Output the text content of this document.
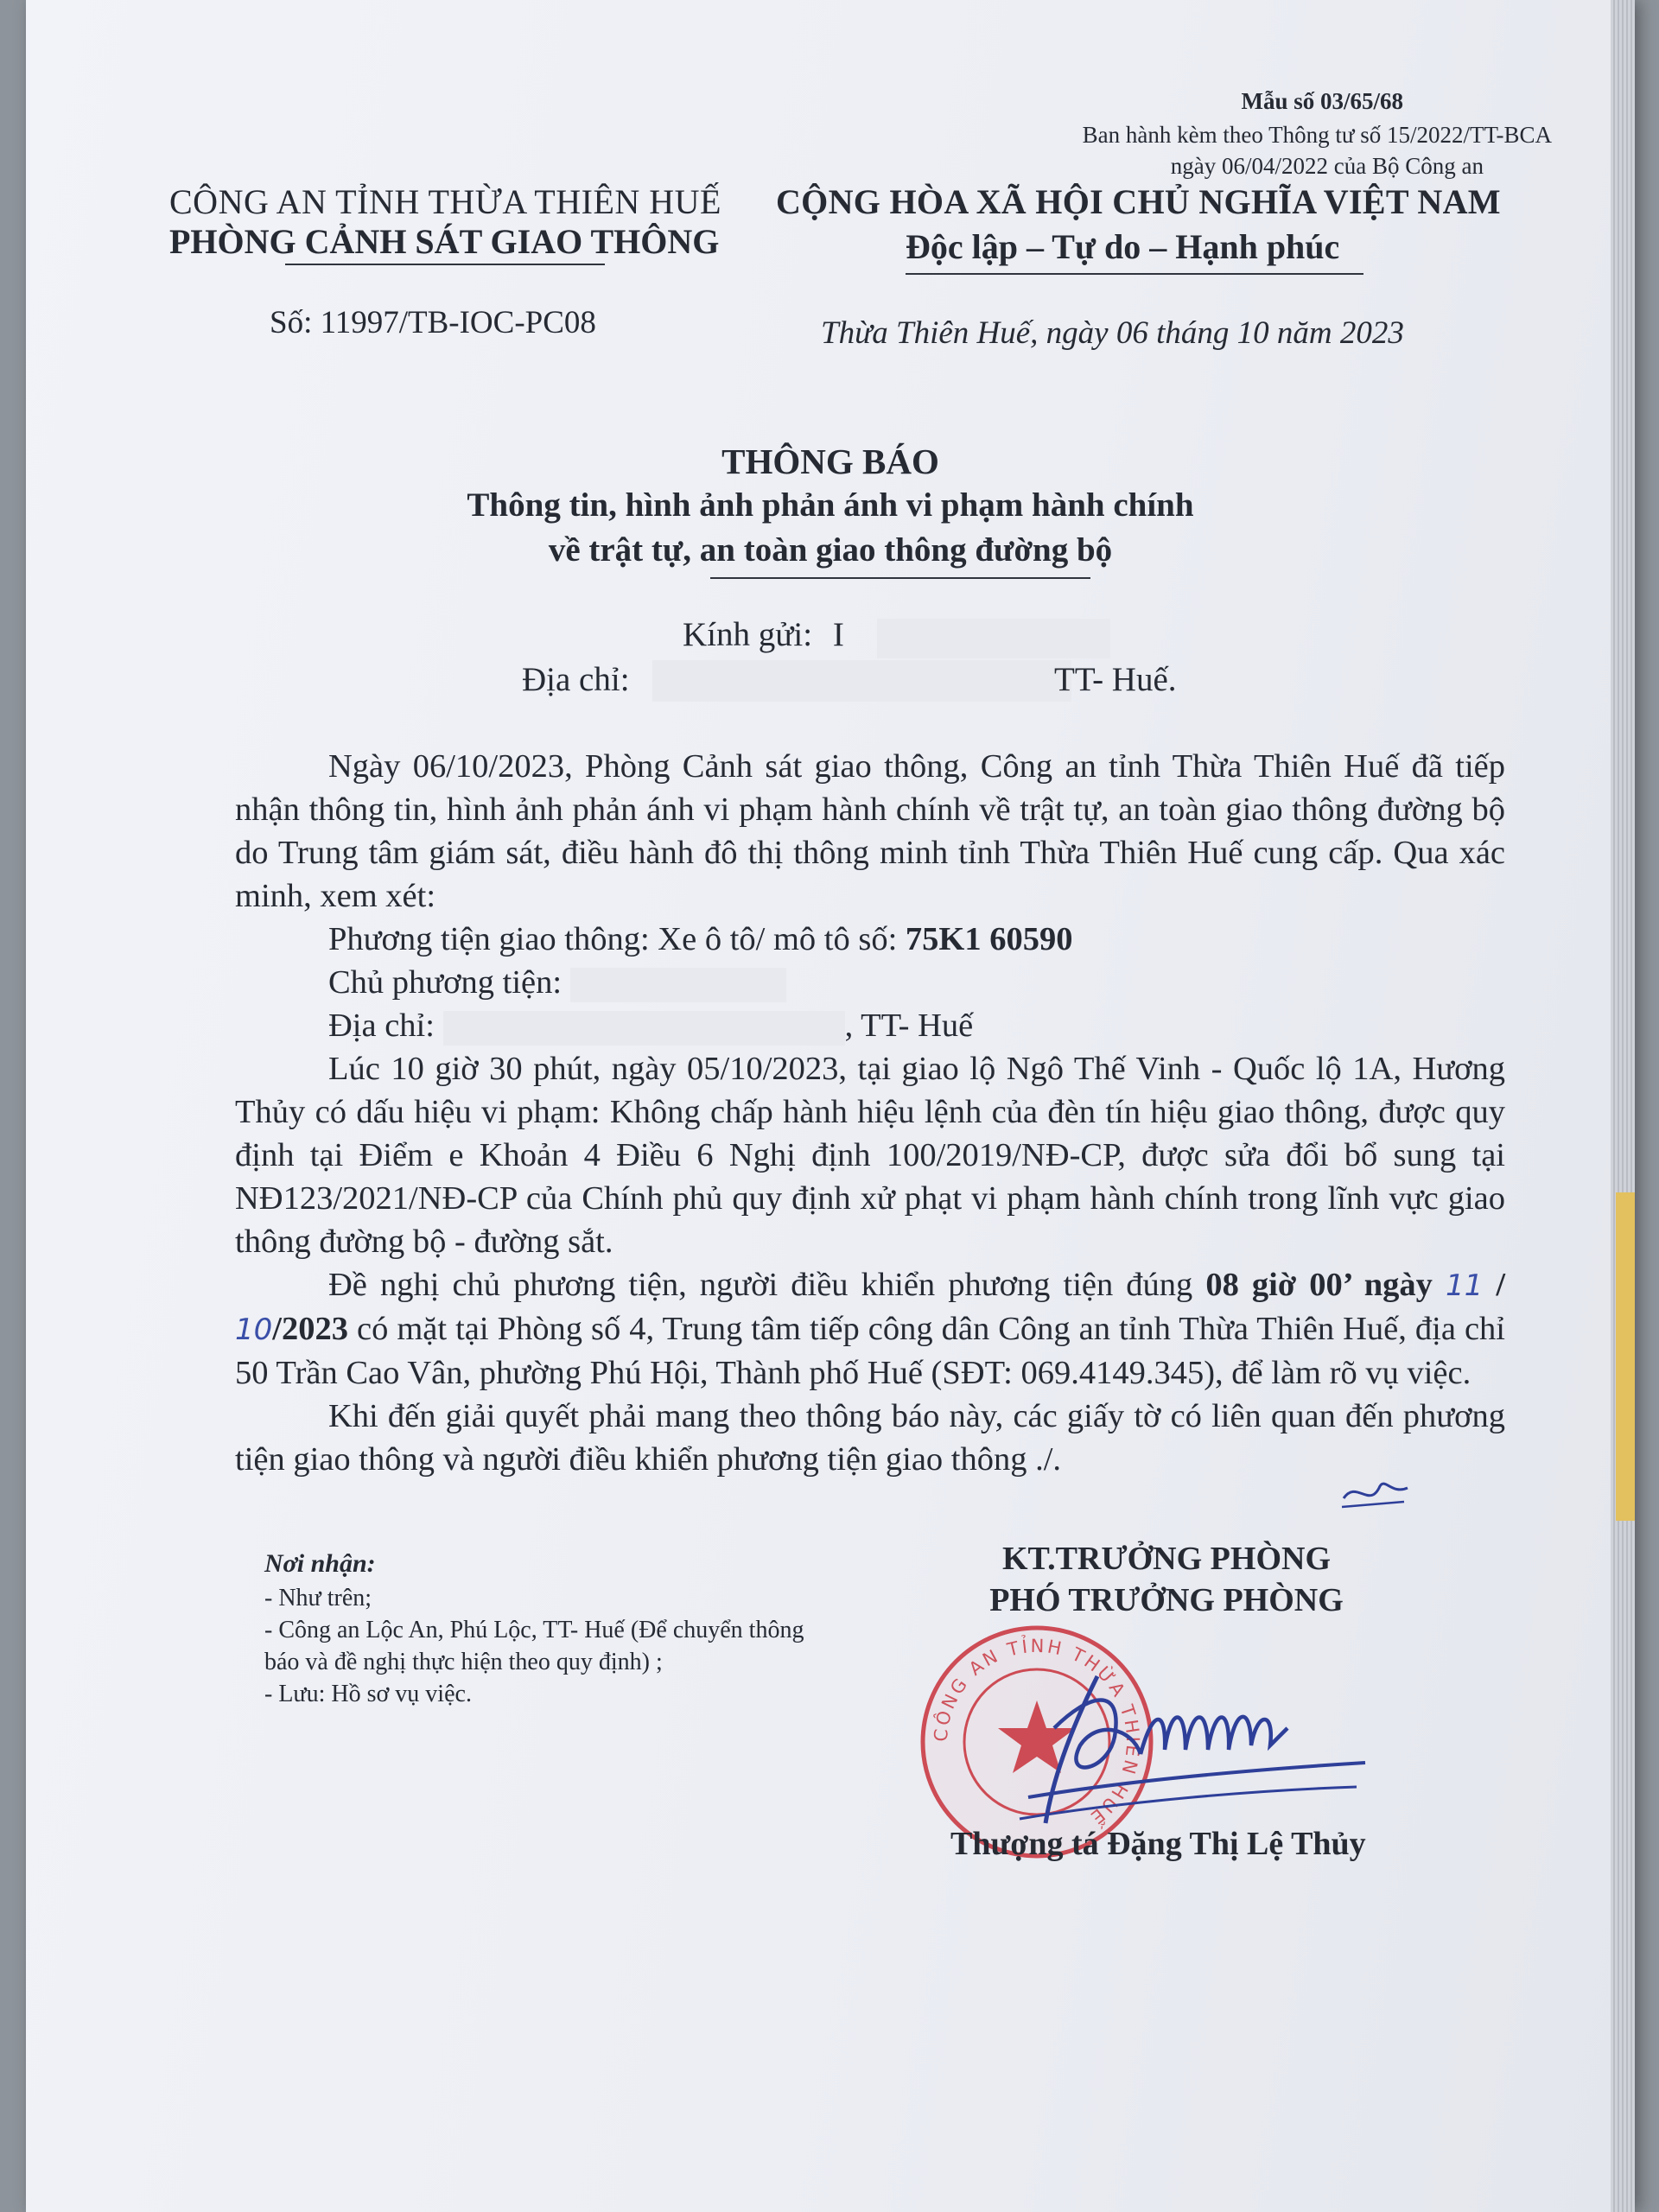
Mẫu số 03/65/68
Ban hành kèm theo Thông tư số 15/2022/TT-BCA
ngày 06/04/2022 của Bộ Công an
CÔNG AN TỈNH THỪA THIÊN HUẾ
PHÒNG CẢNH SÁT GIAO THÔNG
Số: 11997/TB-IOC-PC08
CỘNG HÒA XÃ HỘI CHỦ NGHĨA VIỆT NAM
Độc lập – Tự do – Hạnh phúc
Thừa Thiên Huế, ngày 06 tháng 10 năm 2023
THÔNG BÁO
Thông tin, hình ảnh phản ánh vi phạm hành chính
về trật tự, an toàn giao thông đường bộ
Kính gửi: I
Địa chỉ:	TT- Huế.

Ngày 06/10/2023, Phòng Cảnh sát giao thông, Công an tỉnh Thừa Thiên Huế đã tiếp nhận thông tin, hình ảnh phản ánh vi phạm hành chính về trật tự, an toàn giao thông đường bộ do Trung tâm giám sát, điều hành đô thị thông minh tỉnh Thừa Thiên Huế cung cấp. Qua xác minh, xem xét:

Phương tiện giao thông: Xe ô tô/ mô tô số: 75K1 60590

Chủ phương tiện:

Địa chỉ:	, TT- Huế

Lúc 10 giờ 30 phút, ngày 05/10/2023, tại giao lộ Ngô Thế Vinh - Quốc lộ 1A, Hương Thủy có dấu hiệu vi phạm: Không chấp hành hiệu lệnh của đèn tín hiệu giao thông, được quy định tại Điểm e Khoản 4 Điều 6 Nghị định 100/2019/NĐ-CP, được sửa đổi bổ sung tại NĐ123/2021/NĐ-CP của Chính phủ quy định xử phạt vi phạm hành chính trong lĩnh vực giao thông đường bộ - đường sắt.

Đề nghị chủ phương tiện, người điều khiển phương tiện đúng 08 giờ 00’ ngày 11 / 10/2023 có mặt tại Phòng số 4, Trung tâm tiếp công dân Công an tỉnh Thừa Thiên Huế, địa chỉ 50 Trần Cao Vân, phường Phú Hội, Thành phố Huế (SĐT: 069.4149.345), để làm rõ vụ việc.

Khi đến giải quyết phải mang theo thông báo này, các giấy tờ có liên quan đến phương tiện giao thông và người điều khiển phương tiện giao thông ./.

Nơi nhận:
- Như trên;
- Công an Lộc An, Phú Lộc, TT- Huế (Để chuyển thông báo và đề nghị thực hiện theo quy định) ;
- Lưu: Hồ sơ vụ việc.
KT.TRƯỞNG PHÒNG
PHÓ TRƯỞNG PHÒNG
CÔNG AN TỈNH THỪA THIÊN HUẾ
Thượng tá Đặng Thị Lệ Thủy
